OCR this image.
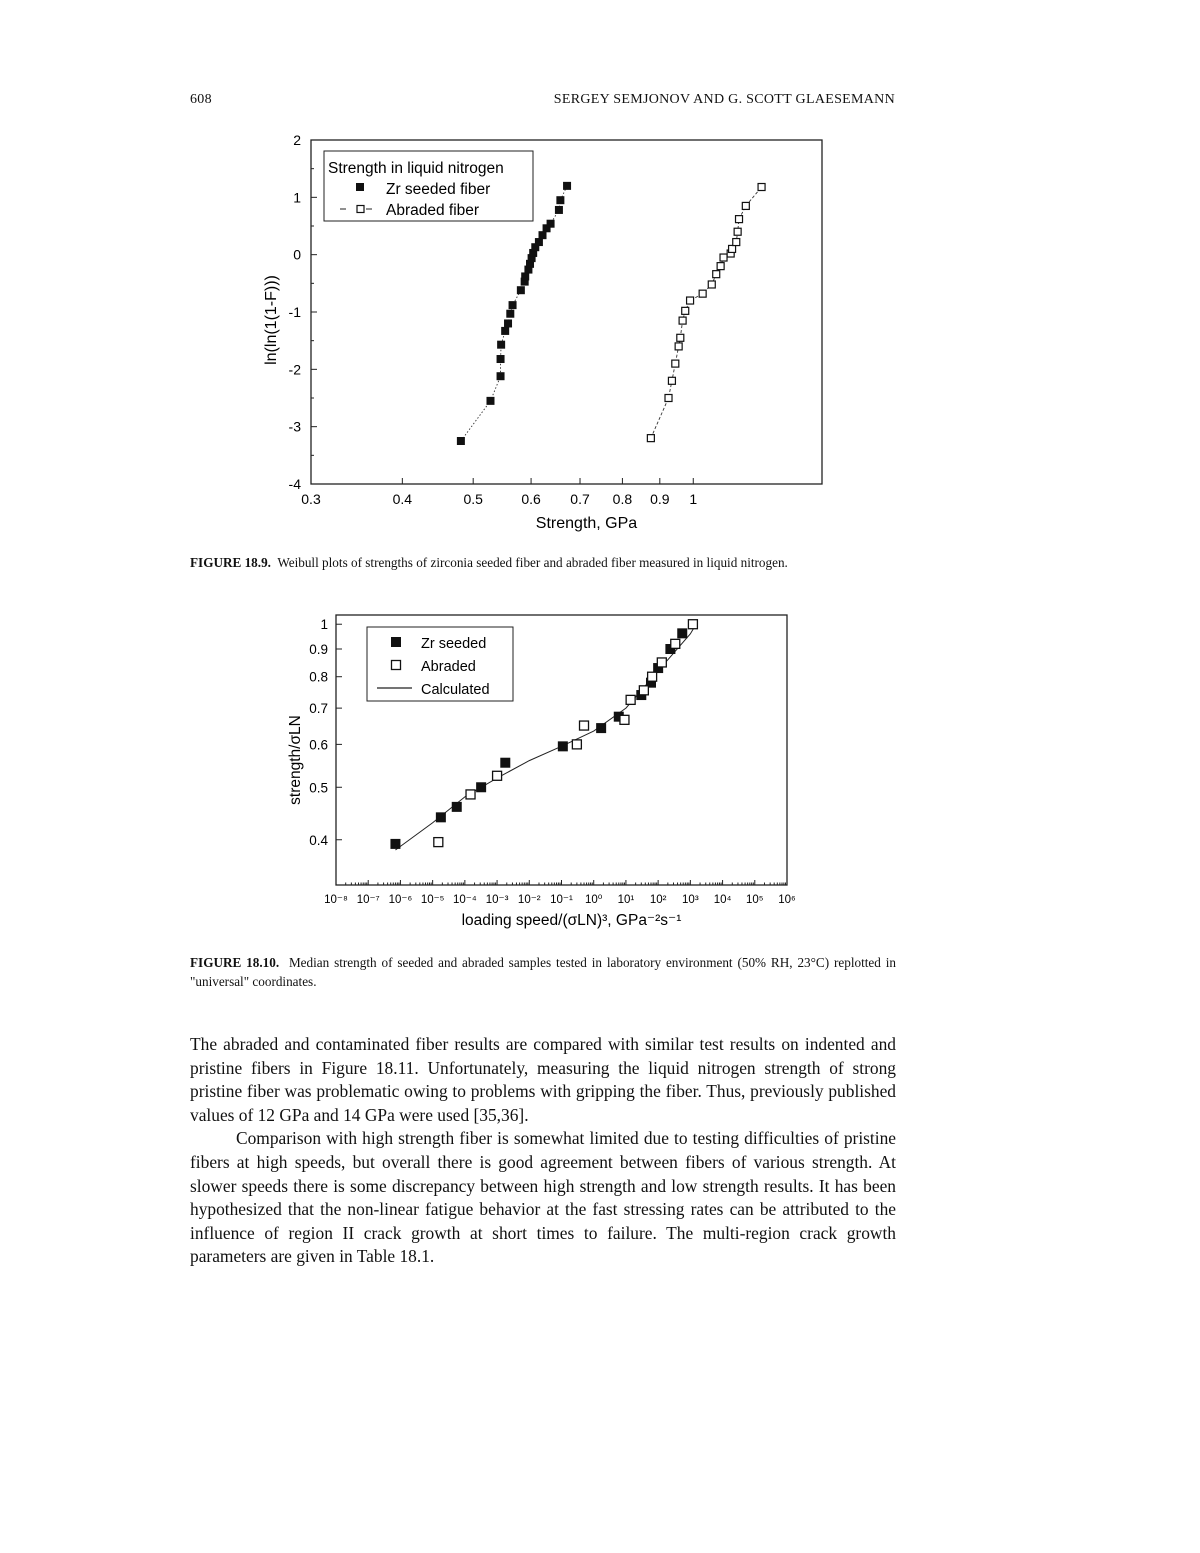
608	SERGEY SEMJONOV AND G. SCOTT GLAESEMANN
-4
-3
-2
-1
0
1
2
0.3	0.4	0.5	0.6 0.7 0.8 0.9 1
Strength, GPa
ln(ln(1(1-F)))
Strength in liquid nitrogen
Zr seeded fiber
Abraded fiber
FIGURE 18.9. Weibull plots of strengths of zirconia seeded fiber and abraded fiber measured in liquid nitrogen.
0.4
0.5
0.6
0.7
0.8
0.9
1
10⁻⁸ 10⁻⁷ 10⁻⁶ 10⁻⁵ 10⁻⁴ 10⁻³ 10⁻² 10⁻¹ 10⁰ 10¹ 10² 10³ 10⁴ 10⁵ 10⁶
loading speed/(σLN)³, GPa⁻²s⁻¹
strength/σLN
Zr seeded
Abraded
Calculated
FIGURE 18.10. Median strength of seeded and abraded samples tested in laboratory environment (50% RH, 23°C) replotted in "universal" coordinates.

The abraded and contaminated fiber results are compared with similar test results on indented and pristine fibers in Figure 18.11. Unfortunately, measuring the liquid nitrogen strength of strong pristine fiber was problematic owing to problems with gripping the fiber. Thus, previously published values of 12 GPa and 14 GPa were used [35,36].

Comparison with high strength fiber is somewhat limited due to testing difficulties of pristine fibers at high speeds, but overall there is good agreement between fibers of various strength. At slower speeds there is some discrepancy between high strength and low strength results. It has been hypothesized that the non-linear fatigue behavior at the fast stressing rates can be attributed to the influence of region II crack growth at short times to failure. The multi-region crack growth parameters are given in Table 18.1.
